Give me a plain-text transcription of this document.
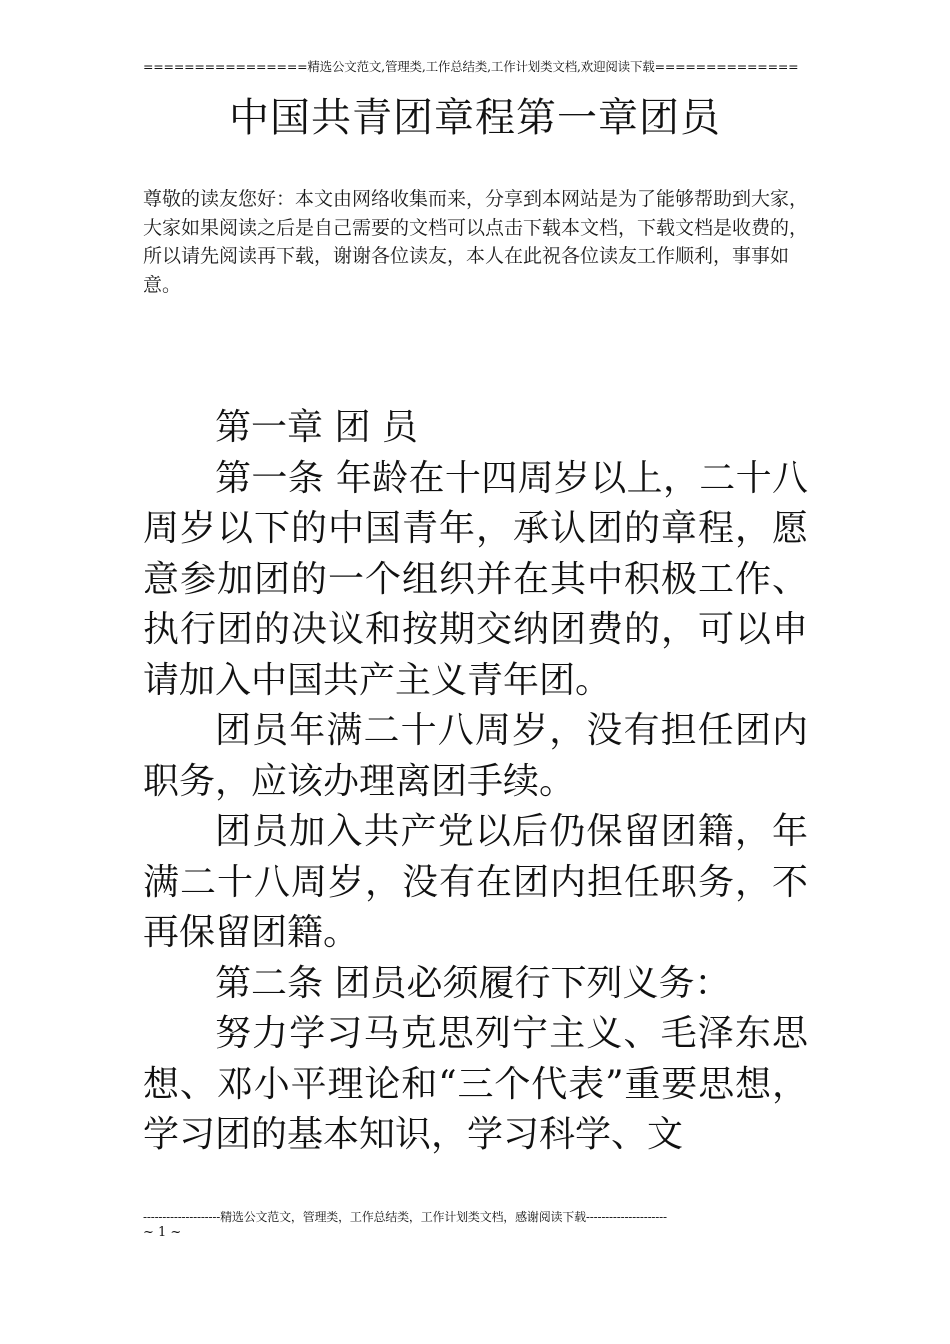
================精选公文范文,管理类,工作总结类,工作计划类文档,欢迎阅读下载==============
中国共青团章程第一章团员
尊敬的读友您好：本文由网络收集而来，分享到本网站是为了能够帮助到大家，大家如果阅读之后是自己需要的文档可以点击下载本文档，下载文档是收费的，所以请先阅读再下载，谢谢各位读友，本人在此祝各位读友工作顺利，事事如意。

第一章 团 员

第一条 年龄在十四周岁以上，二十八周岁以下的中国青年，承认团的章程，愿意参加团的一个组织并在其中积极工作、执行团的决议和按期交纳团费的，可以申请加入中国共产主义青年团。

团员年满二十八周岁，没有担任团内职务，应该办理离团手续。

团员加入共产党以后仍保留团籍，年满二十八周岁，没有在团内担任职务，不再保留团籍。

第二条 团员必须履行下列义务：

努力学习马克思列宁主义、毛泽东思想、邓小平理论和“三个代表”重要思想，学习团的基本知识，学习科学、文

--------------------精选公文范文，管理类，工作总结类，工作计划类文档，感谢阅读下载---------------------
~ 1 ~
